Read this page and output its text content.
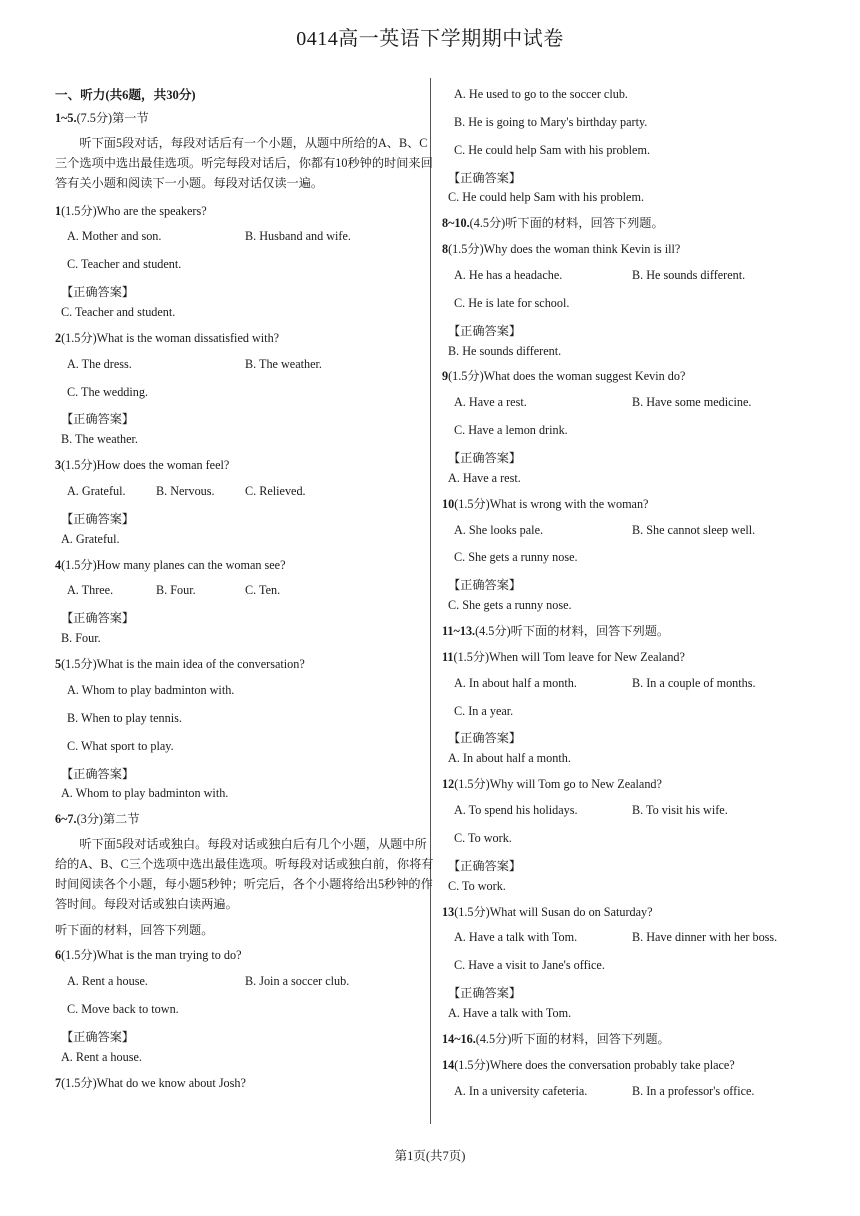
0414高一英语下学期期中试卷
一、听力(共6题，共30分)
1~5.(7.5分)第一节
听下面5段对话，每段对话后有一个小题，从题中所给的A、B、C三个选项中选出最佳选项。听完每段对话后，你都有10秒钟的时间来回答有关小题和阅读下一小题。每段对话仅读一遍。
1(1.5分)Who are the speakers?
A. Mother and son.	B. Husband and wife.
C. Teacher and student.
【正确答案】
C. Teacher and student.
2(1.5分)What is the woman dissatisfied with?
A. The dress.	B. The weather.
C. The wedding.
【正确答案】
B. The weather.
3(1.5分)How does the woman feel?
A. Grateful.	B. Nervous.	C. Relieved.
【正确答案】
A. Grateful.
4(1.5分)How many planes can the woman see?
A. Three.	B. Four.	C. Ten.
【正确答案】
B. Four.
5(1.5分)What is the main idea of the conversation?
A. Whom to play badminton with.
B. When to play tennis.
C. What sport to play.
【正确答案】
A. Whom to play badminton with.
6~7.(3分)第二节
听下面5段对话或独白。每段对话或独白后有几个小题，从题中所给的A、B、C三个选项中选出最佳选项。听每段对话或独白前，你将有时间阅读各个小题，每小题5秒钟；听完后，各个小题将给出5秒钟的作答时间。每段对话或独白读两遍。
听下面的材料，回答下列题。
6(1.5分)What is the man trying to do?
A. Rent a house.	B. Join a soccer club.
C. Move back to town.
【正确答案】
A. Rent a house.
7(1.5分)What do we know about Josh?
A. He used to go to the soccer club.
B. He is going to Mary's birthday party.
C. He could help Sam with his problem.
【正确答案】
C. He could help Sam with his problem.
8~10.(4.5分)听下面的材料，回答下列题。
8(1.5分)Why does the woman think Kevin is ill?
A. He has a headache.	B. He sounds different.
C. He is late for school.
【正确答案】
B. He sounds different.
9(1.5分)What does the woman suggest Kevin do?
A. Have a rest.	B. Have some medicine.
C. Have a lemon drink.
【正确答案】
A. Have a rest.
10(1.5分)What is wrong with the woman?
A. She looks pale.	B. She cannot sleep well.
C. She gets a runny nose.
【正确答案】
C. She gets a runny nose.
11~13.(4.5分)听下面的材料，回答下列题。
11(1.5分)When will Tom leave for New Zealand?
A. In about half a month.	B. In a couple of months.
C. In a year.
【正确答案】
A. In about half a month.
12(1.5分)Why will Tom go to New Zealand?
A. To spend his holidays.	B. To visit his wife.
C. To work.
【正确答案】
C. To work.
13(1.5分)What will Susan do on Saturday?
A. Have a talk with Tom.	B. Have dinner with her boss.
C. Have a visit to Jane's office.
【正确答案】
A. Have a talk with Tom.
14~16.(4.5分)听下面的材料，回答下列题。
14(1.5分)Where does the conversation probably take place?
A. In a university cafeteria.	B. In a professor's office.
第1页(共7页)
